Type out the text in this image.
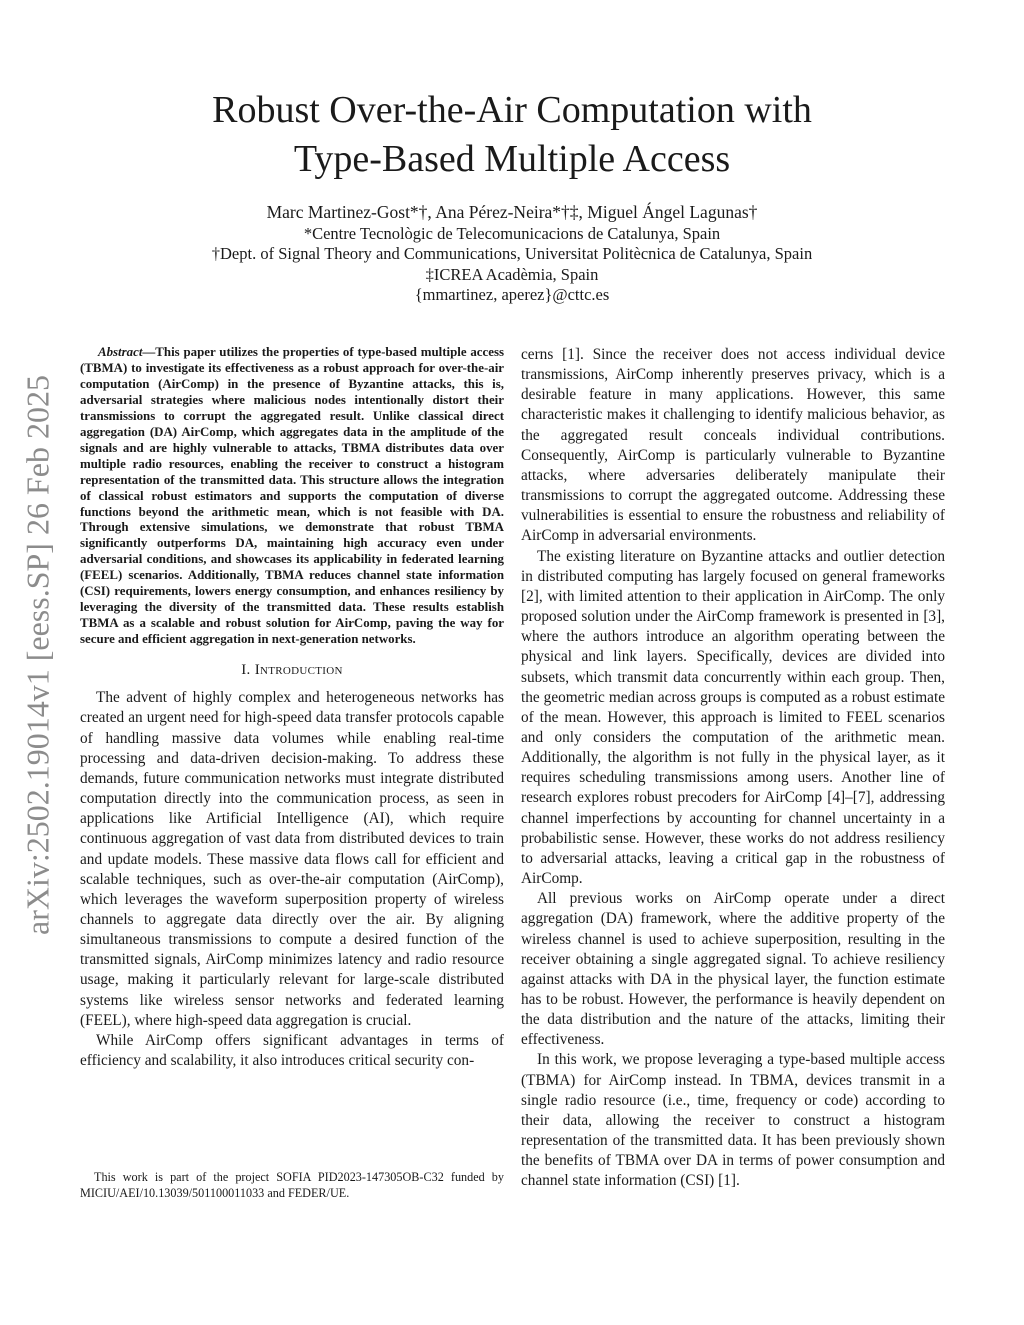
arXiv:2502.19014v1 [eess.SP] 26 Feb 2025
Robust Over-the-Air Computation with
Type-Based Multiple Access
Marc Martinez-Gost*†, Ana Pérez-Neira*†‡, Miguel Ángel Lagunas†
*Centre Tecnològic de Telecomunicacions de Catalunya, Spain
†Dept. of Signal Theory and Communications, Universitat Politècnica de Catalunya, Spain
‡ICREA Acadèmia, Spain
{mmartinez, aperez}@cttc.es

Abstract—This paper utilizes the properties of type-based multiple access (TBMA) to investigate its effectiveness as a robust approach for over-the-air computation (AirComp) in the presence of Byzantine attacks, this is, adversarial strategies where malicious nodes intentionally distort their transmissions to corrupt the aggregated result. Unlike classical direct aggregation (DA) AirComp, which aggregates data in the amplitude of the signals and are highly vulnerable to attacks, TBMA distributes data over multiple radio resources, enabling the receiver to construct a histogram representation of the transmitted data. This structure allows the integration of classical robust estimators and supports the computation of diverse functions beyond the arithmetic mean, which is not feasible with DA. Through extensive simulations, we demonstrate that robust TBMA significantly outperforms DA, maintaining high accuracy even under adversarial conditions, and showcases its applicability in federated learning (FEEL) scenarios. Additionally, TBMA reduces channel state information (CSI) requirements, lowers energy consumption, and enhances resiliency by leveraging the diversity of the transmitted data. These results establish TBMA as a scalable and robust solution for AirComp, paving the way for secure and efficient aggregation in next-generation networks.

I. Introduction

The advent of highly complex and heterogeneous networks has created an urgent need for high-speed data transfer protocols capable of handling massive data volumes while enabling real-time processing and data-driven decision-making. To address these demands, future communication networks must integrate distributed computation directly into the communication process, as seen in applications like Artificial Intelligence (AI), which require continuous aggregation of vast data from distributed devices to train and update models. These massive data flows call for efficient and scalable techniques, such as over-the-air computation (AirComp), which leverages the waveform superposition property of wireless channels to aggregate data directly over the air. By aligning simultaneous transmissions to compute a desired function of the transmitted signals, AirComp minimizes latency and radio resource usage, making it particularly relevant for large-scale distributed systems like wireless sensor networks and federated learning (FEEL), where high-speed data aggregation is crucial.

While AirComp offers significant advantages in terms of efficiency and scalability, it also introduces critical security con-

This work is part of the project SOFIA PID2023-147305OB-C32 funded by MICIU/AEI/10.13039/501100011033 and FEDER/UE.

cerns [1]. Since the receiver does not access individual device transmissions, AirComp inherently preserves privacy, which is a desirable feature in many applications. However, this same characteristic makes it challenging to identify malicious behavior, as the aggregated result conceals individual contributions. Consequently, AirComp is particularly vulnerable to Byzantine attacks, where adversaries deliberately manipulate their transmissions to corrupt the aggregated outcome. Addressing these vulnerabilities is essential to ensure the robustness and reliability of AirComp in adversarial environments.

The existing literature on Byzantine attacks and outlier detection in distributed computing has largely focused on general frameworks [2], with limited attention to their application in AirComp. The only proposed solution under the AirComp framework is presented in [3], where the authors introduce an algorithm operating between the physical and link layers. Specifically, devices are divided into subsets, which transmit data concurrently within each group. Then, the geometric median across groups is computed as a robust estimate of the mean. However, this approach is limited to FEEL scenarios and only considers the computation of the arithmetic mean. Additionally, the algorithm is not fully in the physical layer, as it requires scheduling transmissions among users. Another line of research explores robust precoders for AirComp [4]–[7], addressing channel imperfections by accounting for channel uncertainty in a probabilistic sense. However, these works do not address resiliency to adversarial attacks, leaving a critical gap in the robustness of AirComp.

All previous works on AirComp operate under a direct aggregation (DA) framework, where the additive property of the wireless channel is used to achieve superposition, resulting in the receiver obtaining a single aggregated signal. To achieve resiliency against attacks with DA in the physical layer, the function estimate has to be robust. However, the performance is heavily dependent on the data distribution and the nature of the attacks, limiting their effectiveness.

In this work, we propose leveraging a type-based multiple access (TBMA) for AirComp instead. In TBMA, devices transmit in a single radio resource (i.e., time, frequency or code) according to their data, allowing the receiver to construct a histogram representation of the transmitted data. It has been previously shown the benefits of TBMA over DA in terms of power consumption and channel state information (CSI) [1].
